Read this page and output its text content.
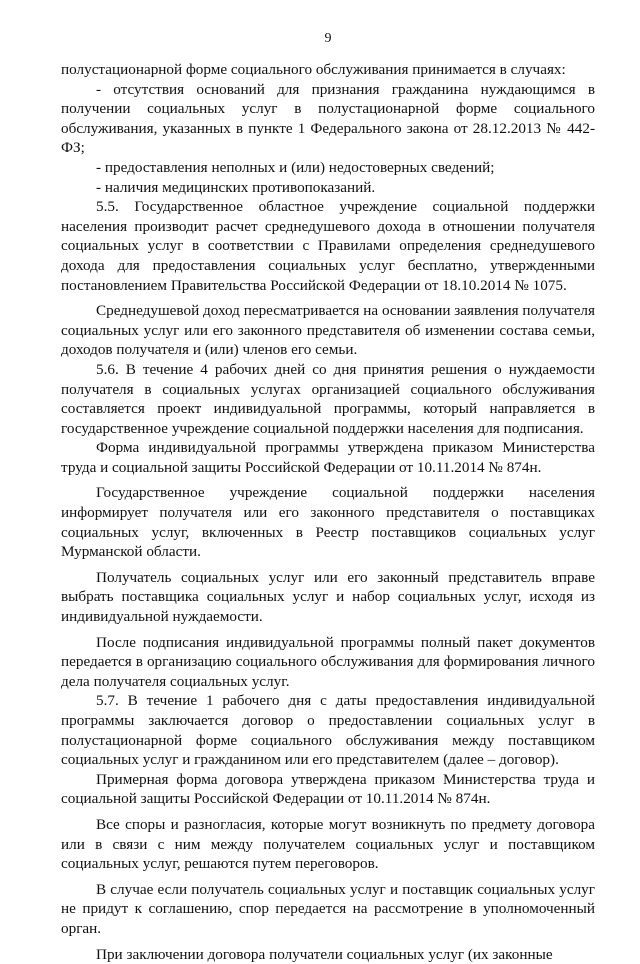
9

полустационарной форме социального обслуживания принимается в случаях:

- отсутствия оснований для признания гражданина нуждающимся в получении социальных услуг в полустационарной форме социального обслуживания, указанных в пункте 1 Федерального закона от 28.12.2013 № 442-ФЗ;

- предоставления неполных и (или) недостоверных сведений;

- наличия медицинских противопоказаний.

5.5. Государственное областное учреждение социальной поддержки населения производит расчет среднедушевого дохода в отношении получателя социальных услуг в соответствии с Правилами определения среднедушевого дохода для предоставления социальных услуг бесплатно, утвержденными постановлением Правительства Российской Федерации от 18.10.2014 № 1075.

Среднедушевой доход пересматривается на основании заявления получателя социальных услуг или его законного представителя об изменении состава семьи, доходов получателя и (или) членов его семьи.

5.6. В течение 4 рабочих дней со дня принятия решения о нуждаемости получателя в социальных услугах организацией социального обслуживания составляется проект индивидуальной программы, который направляется в государственное учреждение социальной поддержки населения для подписания.

Форма индивидуальной программы утверждена приказом Министерства труда и социальной защиты Российской Федерации от 10.11.2014 № 874н.

Государственное учреждение социальной поддержки населения информирует получателя или его законного представителя о поставщиках социальных услуг, включенных в Реестр поставщиков социальных услуг Мурманской области.

Получатель социальных услуг или его законный представитель вправе выбрать поставщика социальных услуг и набор социальных услуг, исходя из индивидуальной нуждаемости.

После подписания индивидуальной программы полный пакет документов передается в организацию социального обслуживания для формирования личного дела получателя социальных услуг.

5.7. В течение 1 рабочего дня с даты предоставления индивидуальной программы заключается договор о предоставлении социальных услуг в полустационарной форме социального обслуживания между поставщиком социальных услуг и гражданином или его представителем (далее – договор).

Примерная форма договора утверждена приказом Министерства труда и социальной защиты Российской Федерации от 10.11.2014 № 874н.

Все споры и разногласия, которые могут возникнуть по предмету договора или в связи с ним между получателем социальных услуг и поставщиком социальных услуг, решаются путем переговоров.

В случае если получатель социальных услуг и поставщик социальных услуг не придут к соглашению, спор передается на рассмотрение в уполномоченный орган.

При заключении договора получатели социальных услуг (их законные
